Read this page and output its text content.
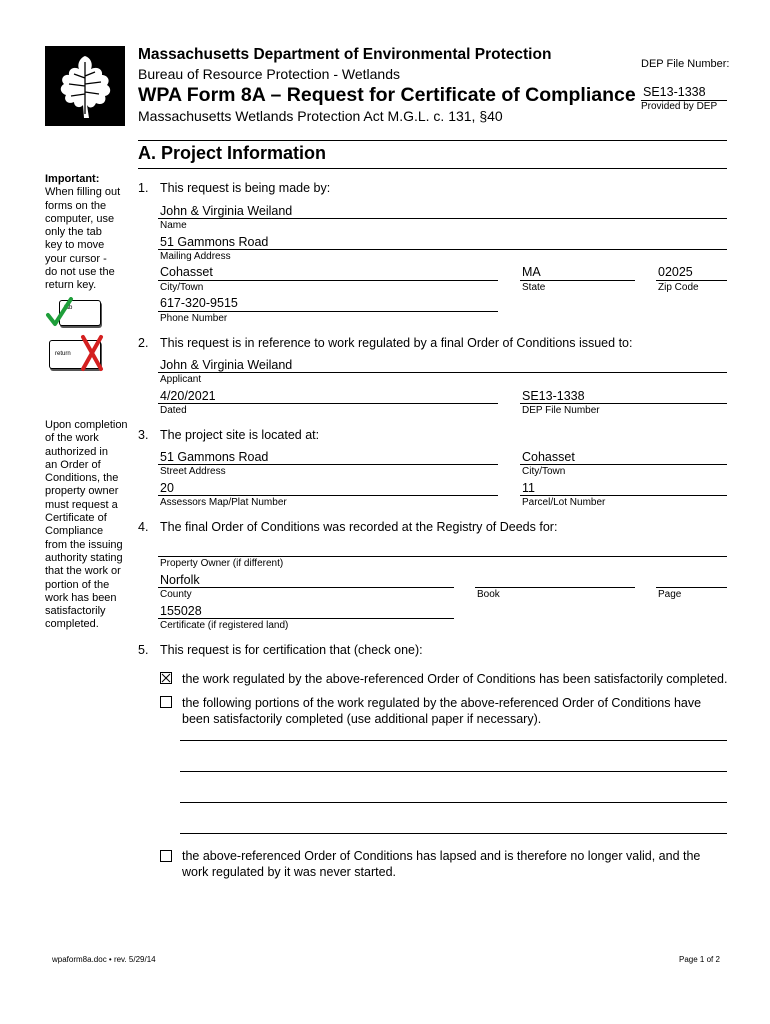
Massachusetts Department of Environmental Protection
Bureau of Resource Protection - Wetlands
WPA Form 8A – Request for Certificate of Compliance
Massachusetts Wetlands Protection Act M.G.L. c. 131, §40
DEP File Number:
SE13-1338
Provided by DEP
A. Project Information
Important:
When filling out
forms on the
computer, use
only the tab
key to move
your cursor -
do not use the
return key.
tab
return
Upon completion
of the work
authorized in
an Order of
Conditions, the
property owner
must request a
Certificate of
Compliance
from the issuing
authority stating
that the work or
portion of the
work has been
satisfactorily
completed.
1. This request is being made by:
John & Virginia Weiland
Name
51 Gammons Road
Mailing Address
Cohasset
City/Town
MA
State
02025
Zip Code
617-320-9515
Phone Number
2. This request is in reference to work regulated by a final Order of Conditions issued to:
John & Virginia Weiland
Applicant
4/20/2021
Dated
SE13-1338
DEP File Number
3. The project site is located at:
51 Gammons Road
Street Address
Cohasset
City/Town
20
Assessors Map/Plat Number
11
Parcel/Lot Number
4. The final Order of Conditions was recorded at the Registry of Deeds for:
Property Owner (if different)
Norfolk
County	Book	Page
155028
Certificate (if registered land)
5. This request is for certification that (check one):
the work regulated by the above-referenced Order of Conditions has been satisfactorily completed.
the following portions of the work regulated by the above-referenced Order of Conditions have
been satisfactorily completed (use additional paper if necessary).
the above-referenced Order of Conditions has lapsed and is therefore no longer valid, and the
work regulated by it was never started.
wpaform8a.doc • rev. 5/29/14	Page 1 of 2
